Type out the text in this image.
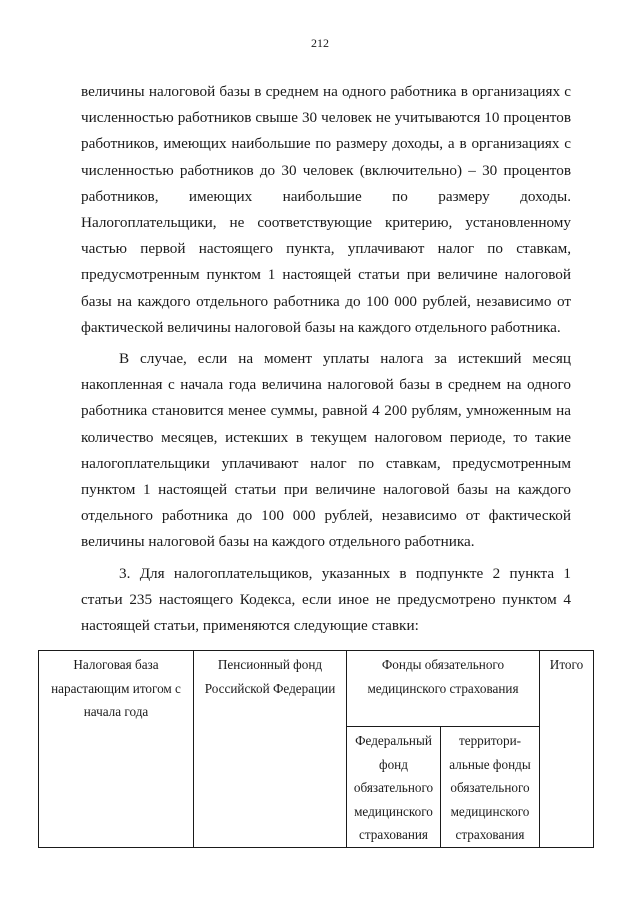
212

величины налоговой базы в среднем на одного работника в организациях с численностью работников свыше 30 человек не учитываются 10 процентов работников, имеющих наибольшие по размеру доходы, а в организациях с численностью работников до 30 человек (включительно) – 30 процентов работников, имеющих наибольшие по размеру доходы. Налогоплательщики, не соответствующие критерию, установленному частью первой настоящего пункта, уплачивают налог по ставкам, предусмотренным пунктом 1 настоящей статьи при величине налоговой базы на каждого отдельного работника до 100 000 рублей, независимо от фактической величины налоговой базы на каждого отдельного работника.

В случае, если на момент уплаты налога за истекший месяц накопленная с начала года величина налоговой базы в среднем на одного работника становится менее суммы, равной 4 200 рублям, умноженным на количество месяцев, истекших в текущем налоговом периоде, то такие налогоплательщики уплачивают налог по ставкам, предусмотренным пунктом 1 настоящей статьи при величине налоговой базы на каждого отдельного работника до 100 000 рублей, независимо от фактической величины налоговой базы на каждого отдельного работника.

3. Для налогоплательщиков, указанных в подпункте 2 пункта 1 статьи 235 настоящего Кодекса, если иное не предусмотрено пунктом 4 настоящей статьи, применяются следующие ставки:

Налоговая база нарастающим итогом с начала года	Пенсионный фонд Российской Федерации	Фонды обязательного медицинского страхования		Итого
		Федеральный фонд обязательного медицинского страхования	территори-альные фонды обязательного медицинского страхования	
